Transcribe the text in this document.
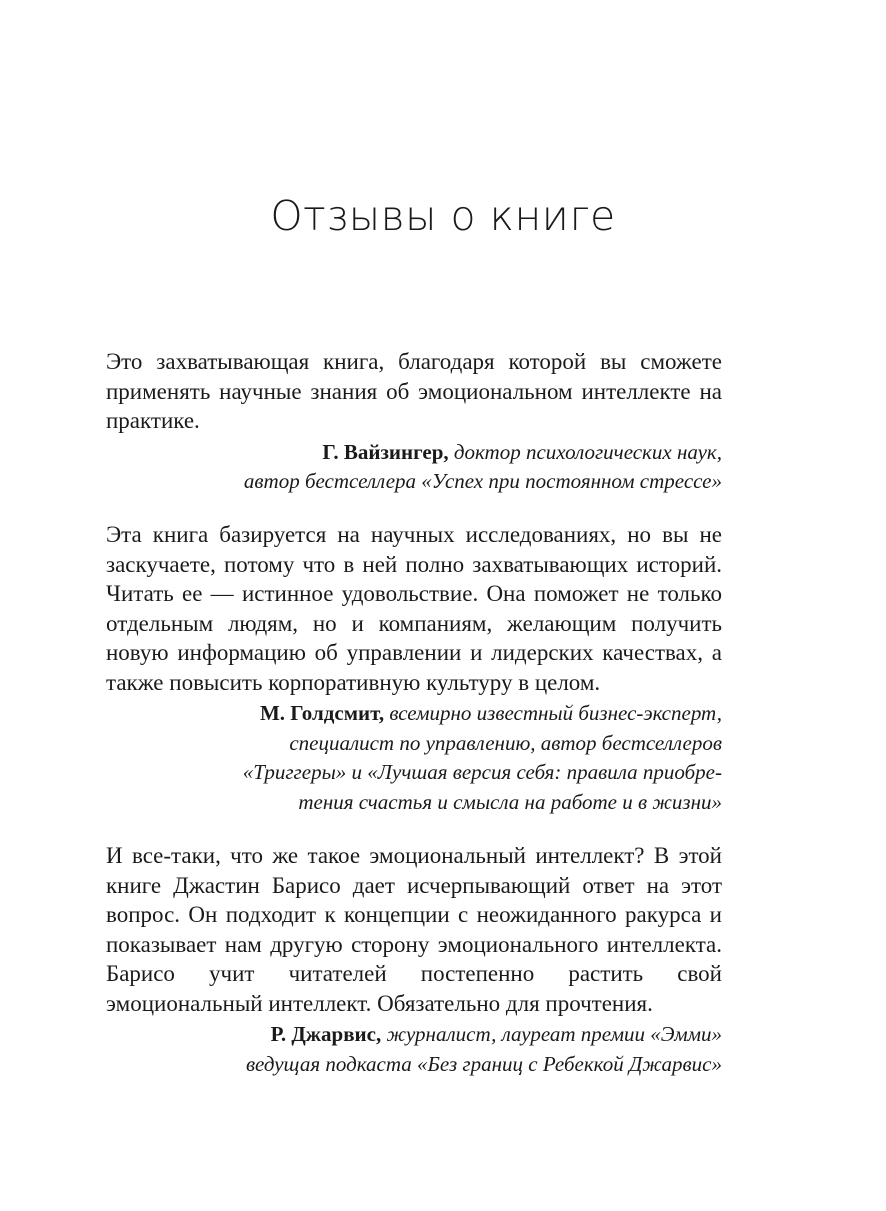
Отзывы о книге

Это захватывающая книга, благодаря которой вы сможете применять научные знания об эмоциональном интеллекте на практике.

Г. Вайзингер, доктор психологических наук,
автор бестселлера «Успех при постоянном стрессе»

Эта книга базируется на научных исследованиях, но вы не заскучаете, потому что в ней полно захватывающих историй. Читать ее — истинное удовольствие. Она поможет не только отдельным людям, но и компаниям, желающим получить новую информацию об управлении и лидерских качествах, а также повысить корпоративную культуру в целом.

М. Голдсмит, всемирно известный бизнес-эксперт,
специалист по управлению, автор бестселлеров
«Триггеры» и «Лучшая версия себя: правила приобре-
тения счастья и смысла на работе и в жизни»

И все-таки, что же такое эмоциональный интеллект? В этой книге Джастин Барисо дает исчерпывающий ответ на этот вопрос. Он подходит к концепции с неожиданного ракурса и показывает нам другую сторону эмоционального интеллекта. Барисо учит читателей постепенно растить свой эмоциональный интеллект. Обязательно для прочтения.

Р. Джарвис, журналист, лауреат премии «Эмми»
ведущая подкаста «Без границ с Ребеккой Джарвис»
